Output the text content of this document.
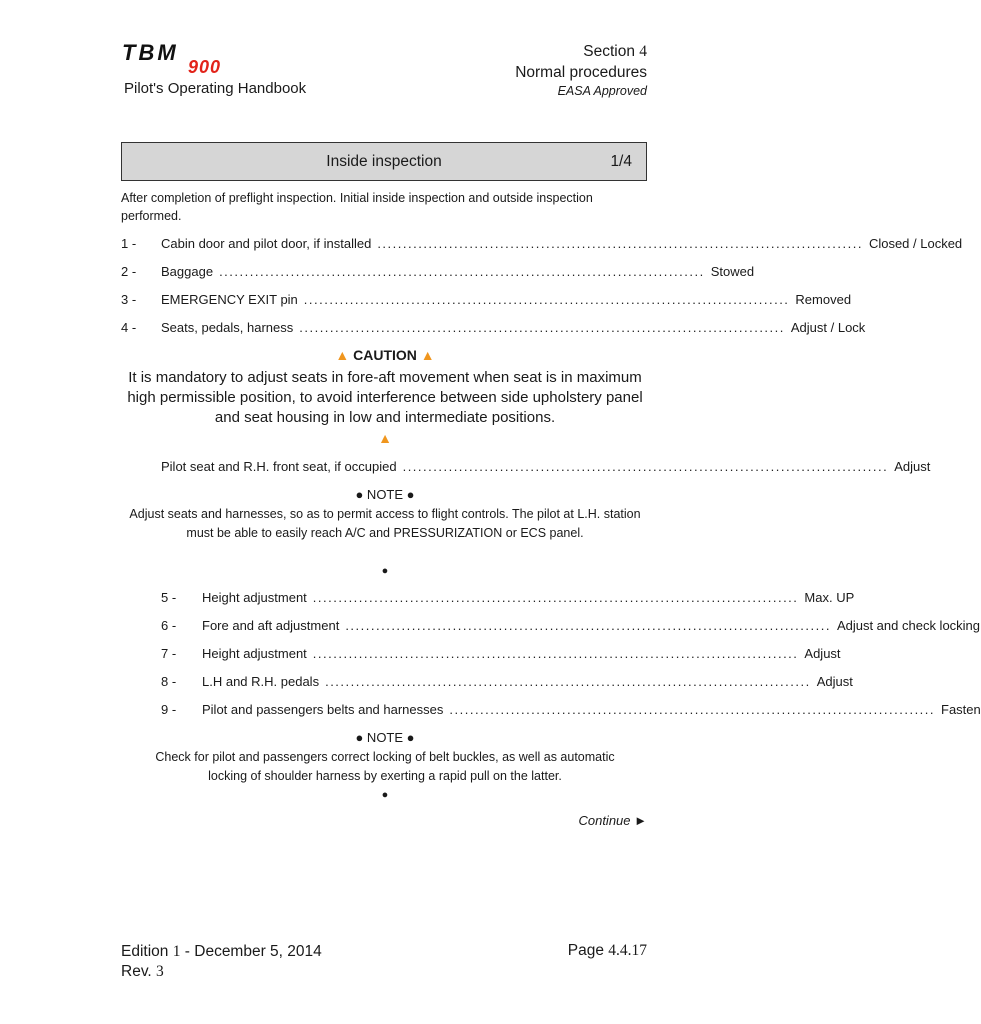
TBM
900
Pilot's Operating Handbook
Section 4
Normal procedures
EASA Approved
Inside inspection	1/4
After completion of preflight inspection. Initial inside inspection and outside inspection performed.
1 -	Cabin door and pilot door, if installed ............................................................................................... Closed / Locked
2 -	Baggage ............................................................................................... Stowed
3 -	EMERGENCY EXIT pin ............................................................................................... Removed
4 -	Seats, pedals, harness ............................................................................................... Adjust / Lock
▲ CAUTION ▲
It is mandatory to adjust seats in fore-aft movement when seat is in maximum high permissible position, to avoid interference between side upholstery panel and seat housing in low and intermediate positions.
▲
Pilot seat and R.H. front seat, if occupied ............................................................................................... Adjust
● NOTE ●
Adjust seats and harnesses, so as to permit access to flight controls. The pilot at L.H. station must be able to easily reach A/C and PRESSURIZATION or ECS panel.
●
5 -	Height adjustment ............................................................................................... Max. UP
6 -	Fore and aft adjustment ............................................................................................... Adjust and check locking
7 -	Height adjustment ............................................................................................... Adjust
8 -	L.H and R.H. pedals ............................................................................................... Adjust
9 -	Pilot and passengers belts and harnesses ............................................................................................... Fasten
● NOTE ●
Check for pilot and passengers correct locking of belt buckles, as well as automatic locking of shoulder harness by exerting a rapid pull on the latter.
●
Continue ►
Edition 1 - December 5, 2014
Rev. 3
Page 4.4.17
